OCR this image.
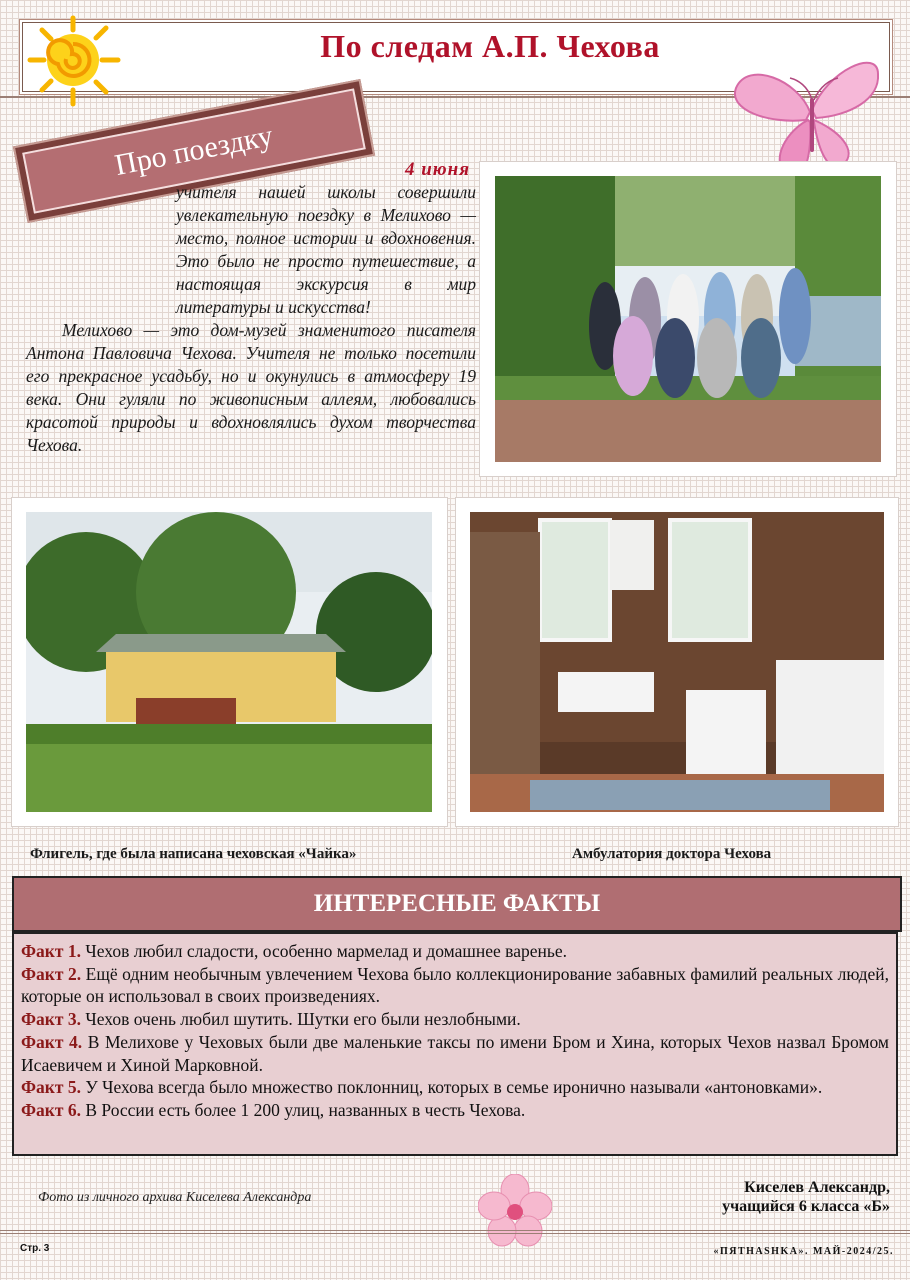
По следам А.П. Чехова
Про поездку	4 июня

учителя нашей школы совершили увлекательную поездку в Мелихово — место, полное истории и вдохновения. Это было не просто путешествие, а настоящая экскурсия в мир литературы и искусства!

Мелихово — это дом-музей знаменитого писателя Антона Павловича Чехова. Учителя не только посетили его прекрасное усадьбу, но и окунулись в атмосферу 19 века. Они гуляли по живописным аллеям, любовались красотой природы и вдохновлялись духом творчества Чехова.

Флигель, где была написана чеховская «Чайка»	Амбулатория доктора Чехова
ИНТЕРЕСНЫЕ ФАКТЫ

Факт 1. Чехов любил сладости, особенно мармелад и домашнее варенье.

Факт 2. Ещё одним необычным увлечением Чехова было коллекционирование забавных фамилий реальных людей, которые он использовал в своих произведениях.

Факт 3. Чехов очень любил шутить. Шутки его были незлобными.

Факт 4. В Мелихове у Чеховых были две маленькие таксы по имени Бром и Хина, которых Чехов назвал Бромом Исаевичем и Хиной Марковной.

Факт 5. У Чехова всегда было множество поклонниц, которых в семье иронично называли «антоновками».

Факт 6. В России есть более 1 200 улиц, названных в честь Чехова.

Фото из личного архива Киселева Александра
Киселев Александр,
учащийся 6 класса «Б»
Стр. 3	«ПЯТНАSHKA». МАЙ-2024/25.
